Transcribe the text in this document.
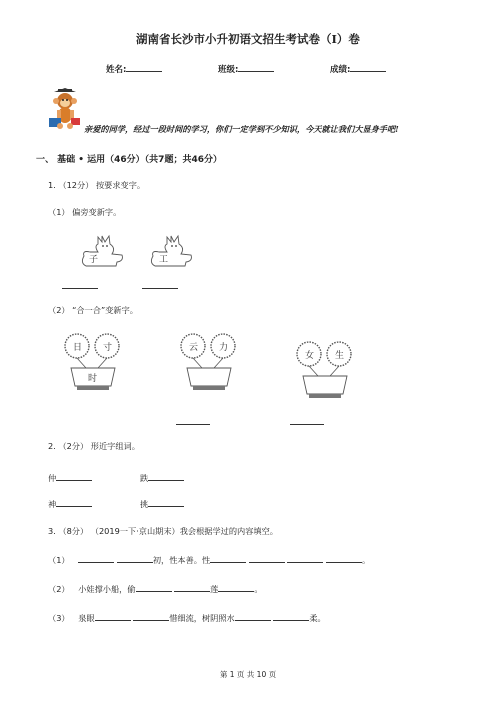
湖南省长沙市小升初语文招生考试卷（I）卷
姓名:	班级:	成绩:
亲爱的同学，经过一段时间的学习，你们一定学到不少知识，今天就让我们大显身手吧!
一、 基础 • 运用（46分）（共7题；共46分）
1. （12分） 按要求变字。
（1） 偏旁变新字。
子	工
（2） “合一合”变新字。
日 寸
时
云 力
女 生
2. （2分） 形近字组词。
仲	跌
神	挑
3. （8分） （2019一下·京山期末）我会根据学过的内容填空。
（1）	初，性本善。性	。
（2） 小娃撑小船，偷	莲	。
（3） 泉眼	惜细流，树阴照水	柔。
第 1 页 共 10 页
